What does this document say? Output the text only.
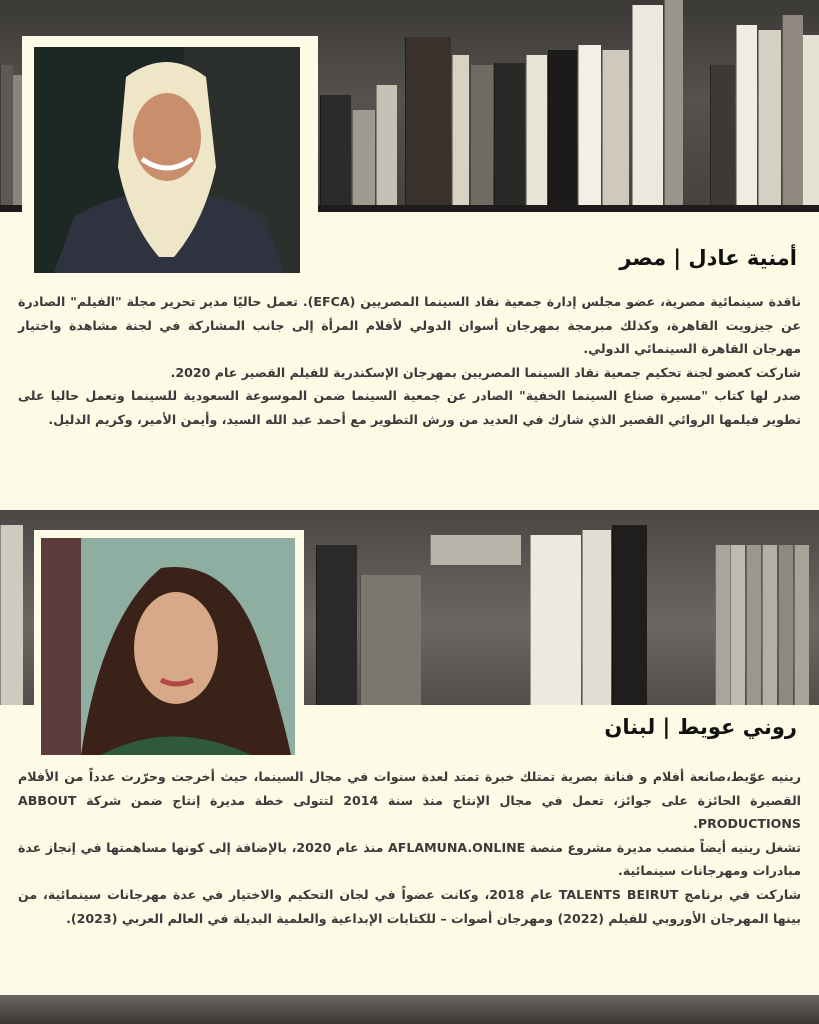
أمنية عادل | مصر

ناقدة سينمائية مصرية، عضو مجلس إدارة جمعية نقاد السينما المصريين (EFCA). تعمل حاليًا مدير تحرير مجلة "الفيلم" الصادرة عن جيزويت القاهرة، وكذلك مبرمجة بمهرجان أسوان الدولي لأفلام المرأة إلى جانب المشاركة في لجنة مشاهدة واختيار مهرجان القاهرة السينمائي الدولي.

شاركت كعضو لجنة تحكيم جمعية نقاد السينما المصريين بمهرجان الإسكندرية للفيلم القصير عام 2020.

صدر لها كتاب "مسيرة صناع السينما الخفية" الصادر عن جمعية السينما ضمن الموسوعة السعودية للسينما وتعمل حاليا على تطوير فيلمها الروائي القصير الذي شارك في العديد من ورش التطوير مع أحمد عبد الله السيد، وأيمن الأمير، وكريم الدليل.

روني عويط | لبنان

رينيه عوّيط،صانعة أفلام و فنانة بصرية تمتلك خبرة تمتد لعدة سنوات في مجال السينما، حيث أخرجت وحرّرت عدداً من الأفلام القصيرة الحائزة على جوائز، تعمل في مجال الإنتاج منذ سنة 2014 لتتولى خطة مديرة إنتاج ضمن شركة ABBOUT PRODUCTIONS.

تشغل رينيه أيضاً منصب مديرة مشروع منصة AFLAMUNA.ONLINE منذ عام 2020، بالإضافة إلى كونها مساهمتها في إنجاز عدة مبادرات ومهرجانات سينمائية.

شاركت في برنامج TALENTS BEIRUT عام 2018، وكانت عضواً في لجان التحكيم والاختيار في عدة مهرجانات سينمائية، من بينها المهرجان الأوروبي للفيلم (2022) ومهرجان أصوات – للكتابات الإبداعية والعلمية البديلة في العالم العربي (2023).
